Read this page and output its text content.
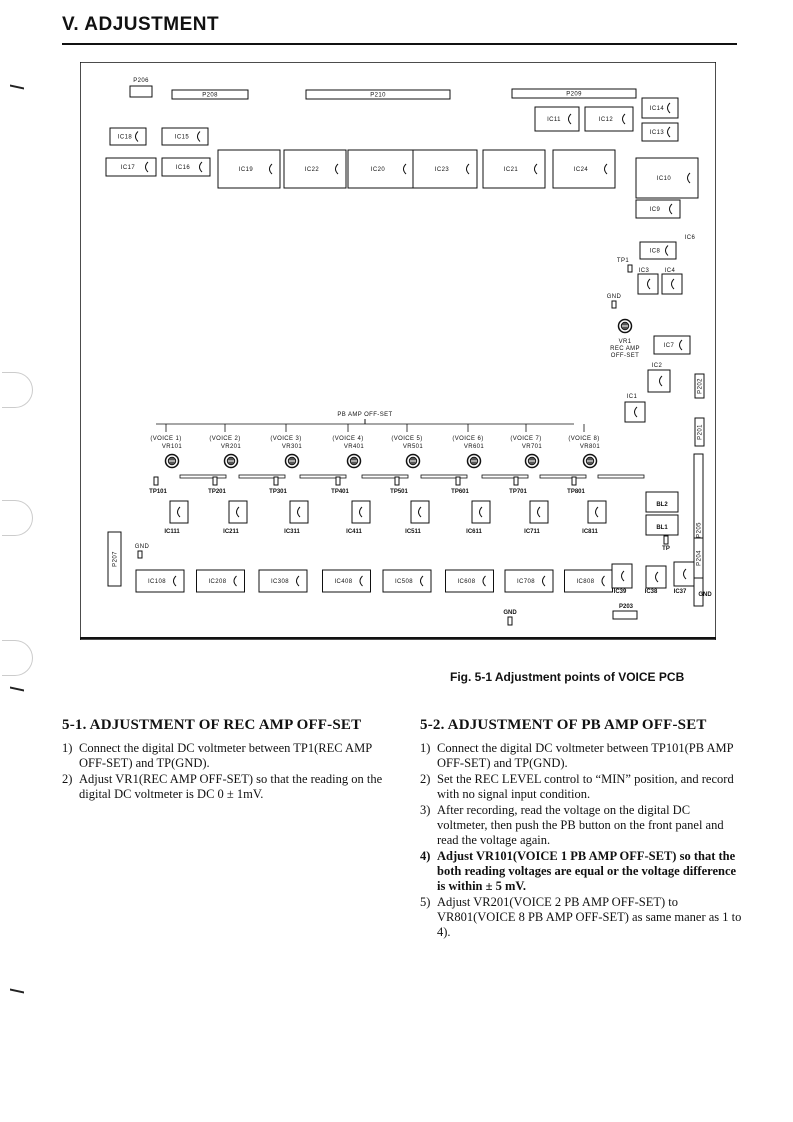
V. ADJUSTMENT
P206
P208	P210	P209
IC18	IC15
IC17	IC16	IC19	IC22	IC20	IC23	IC21	IC24
IC11	IC12
IC14
IC13
IC10
IC9
IC6
IC8
TP1
IC3	IC4
GND
VR1
REC AMP
OFF-SET
IC7
IC2
IC1
P202
P201
P205
P204
PB AMP OFF-SET
(VOICE 1)
VR101
TP101
IC111
IC108
(VOICE 2)
VR201
TP201
IC211
IC208
(VOICE 3)
VR301
TP301
IC311
IC308
(VOICE 4)
VR401
TP401
IC411
IC408
(VOICE 5)
VR501
TP501
IC511
IC508
(VOICE 6)
VR601
TP601
IC611
IC608
(VOICE 7)
VR701
TP701
IC711
IC708
(VOICE 8)
VR801
TP801
IC811
IC808
P207
GND
BL2
BL1
TP
IC39	IC38	IC37 GND
P203
GND
Fig. 5-1 Adjustment points of VOICE PCB
5-1. ADJUSTMENT OF REC AMP OFF-SET
1) Connect the digital DC voltmeter between TP1(REC AMP OFF-SET) and TP(GND).
2) Adjust VR1(REC AMP OFF-SET) so that the reading on the digital DC voltmeter is DC 0 ± 1mV.
5-2. ADJUSTMENT OF PB AMP OFF-SET
1) Connect the digital DC voltmeter between TP101(PB AMP OFF-SET) and TP(GND).
2) Set the REC LEVEL control to “MIN” position, and record with no signal input condition.
3) After recording, read the voltage on the digital DC voltmeter, then push the PB button on the front panel and read the voltage again.
4) Adjust VR101(VOICE 1 PB AMP OFF-SET) so that the both reading voltages are equal or the voltage difference is within ± 5 mV.
5) Adjust VR201(VOICE 2 PB AMP OFF-SET) to VR801(VOICE 8 PB AMP OFF-SET) as same maner as 1 to 4).
